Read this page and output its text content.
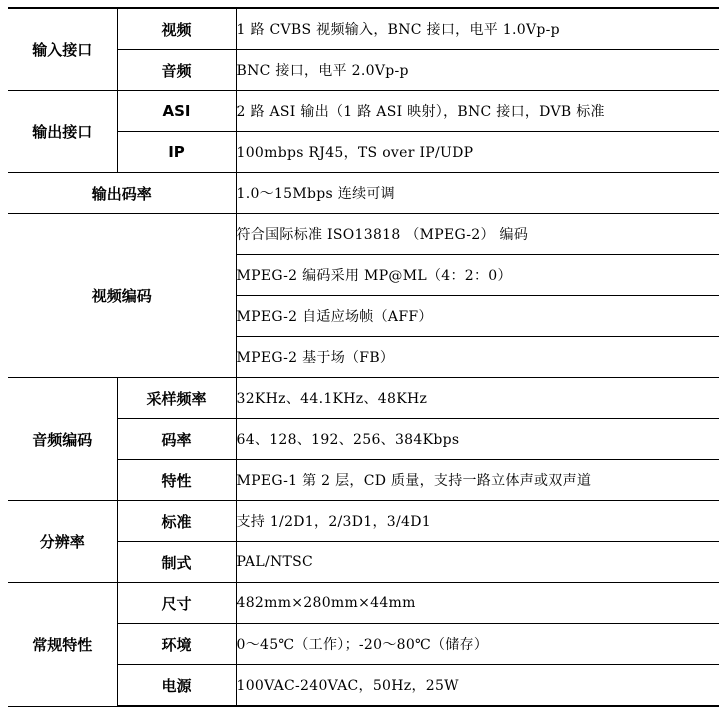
输入接口	视频	1 路 CVBS 视频输入，BNC 接口，电平 1.0Vp-p
	音频	BNC 接口，电平 2.0Vp-p
输出接口	ASI	2 路 ASI 输出（1 路 ASI 映射），BNC 接口，DVB 标准
	IP	100mbps RJ45，TS over IP/UDP
输出码率		1.0～15Mbps 连续可调
视频编码		符合国际标准 ISO13818 （MPEG-2） 编码
		MPEG-2 编码采用 MP@ML（4：2：0）
		MPEG-2 自适应场帧（AFF）
		MPEG-2 基于场（FB）
音频编码	采样频率	32KHz、44.1KHz、48KHz
	码率	64、128、192、256、384Kbps
	特性	MPEG-1 第 2 层，CD 质量，支持一路立体声或双声道
分辨率	标准	支持 1/2D1，2/3D1，3/4D1
	制式	PAL/NTSC
常规特性	尺寸	482mm×280mm×44mm
	环境	0～45℃（工作）；-20～80℃（储存）
	电源	100VAC-240VAC，50Hz，25W
